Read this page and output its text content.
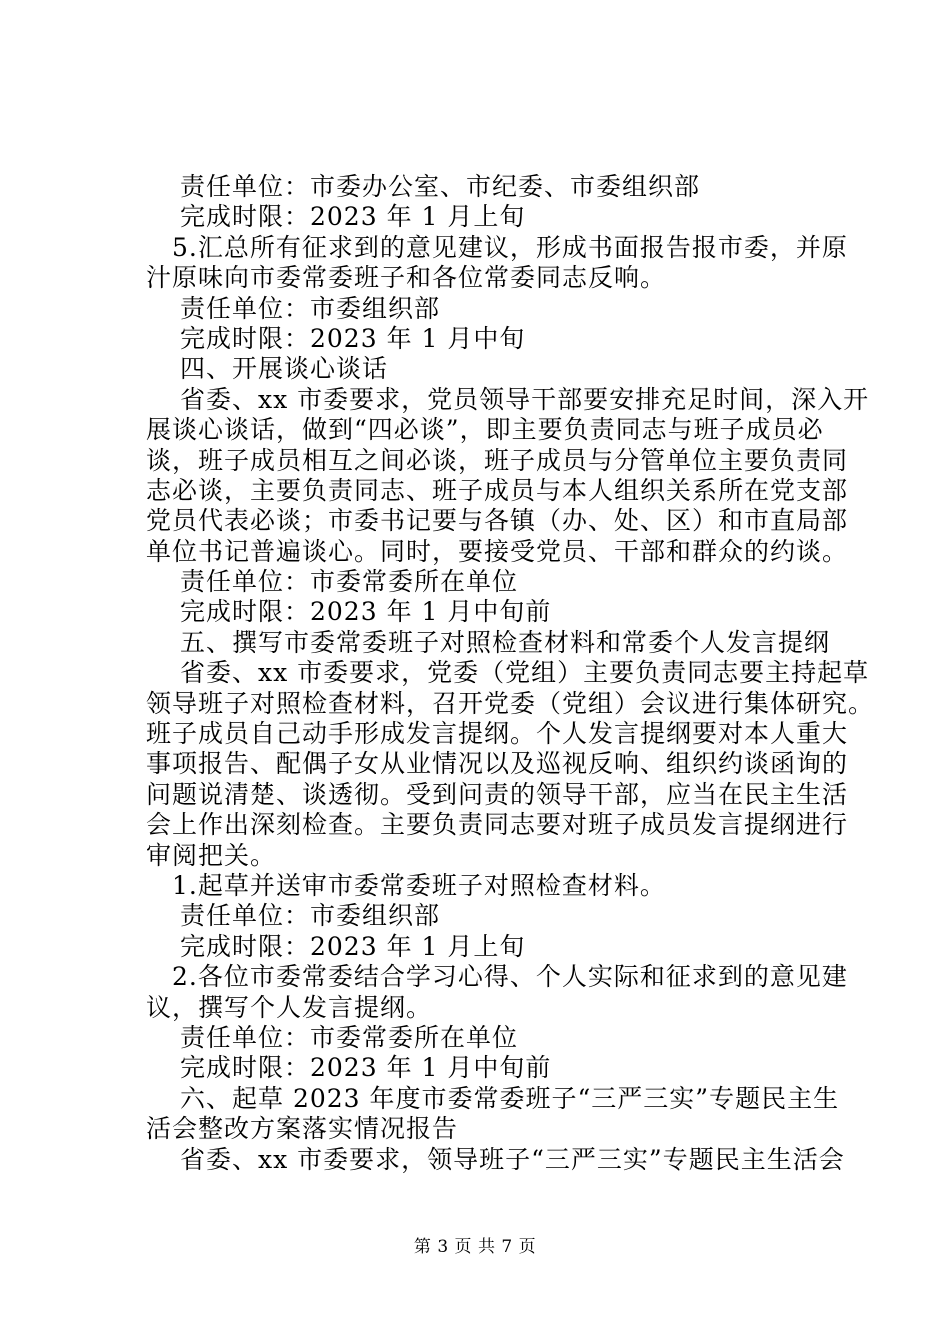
责任单位：市委办公室、市纪委、市委组织部
完成时限：2023 年 1 月上旬
5.汇总所有征求到的意见建议，形成书面报告报市委，并原
汁原味向市委常委班子和各位常委同志反响。
责任单位：市委组织部
完成时限：2023 年 1 月中旬
四、开展谈心谈话
省委、xx 市委要求，党员领导干部要安排充足时间，深入开
展谈心谈话，做到“四必谈”，即主要负责同志与班子成员必
谈，班子成员相互之间必谈，班子成员与分管单位主要负责同
志必谈，主要负责同志、班子成员与本人组织关系所在党支部
党员代表必谈；市委书记要与各镇（办、处、区）和市直局部
单位书记普遍谈心。同时，要接受党员、干部和群众的约谈。
责任单位：市委常委所在单位
完成时限：2023 年 1 月中旬前
五、撰写市委常委班子对照检查材料和常委个人发言提纲
省委、xx 市委要求，党委（党组）主要负责同志要主持起草
领导班子对照检查材料，召开党委（党组）会议进行集体研究。
班子成员自己动手形成发言提纲。个人发言提纲要对本人重大
事项报告、配偶子女从业情况以及巡视反响、组织约谈函询的
问题说清楚、谈透彻。受到问责的领导干部，应当在民主生活
会上作出深刻检查。主要负责同志要对班子成员发言提纲进行
审阅把关。
1.起草并送审市委常委班子对照检查材料。
责任单位：市委组织部
完成时限：2023 年 1 月上旬
2.各位市委常委结合学习心得、个人实际和征求到的意见建
议，撰写个人发言提纲。
责任单位：市委常委所在单位
完成时限：2023 年 1 月中旬前
六、起草 2023 年度市委常委班子“三严三实”专题民主生
活会整改方案落实情况报告
省委、xx 市委要求，领导班子“三严三实”专题民主生活会
第 3 页 共 7 页
